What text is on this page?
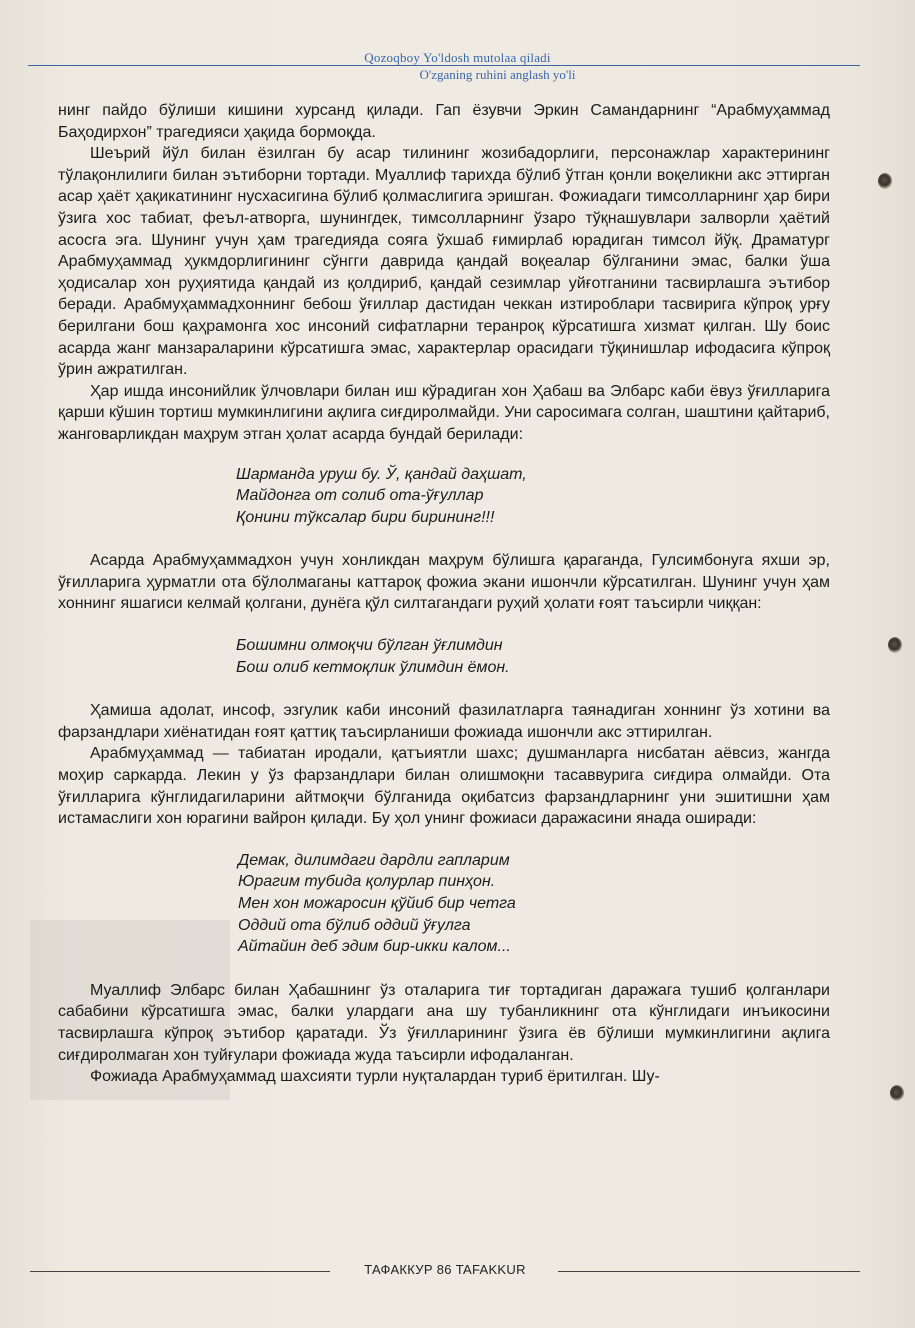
Qozoqboy Yo'ldosh mutolaa qiladi
O'zganing ruhini anglash yo'li

нинг пайдо бўлиши кишини хурсанд қилади. Гап ёзувчи Эркин Самандарнинг “Арабмуҳаммад Баҳодирхон” трагедияси ҳақида бормоқда.

Шеърий йўл билан ёзилган бу асар тилининг жозибадорлиги, персонажлар характерининг тўлақонлилиги билан эътиборни тортади. Муаллиф тарихда бўлиб ўтган қонли воқеликни акс эттирган асар ҳаёт ҳақикатининг нусхасигина бўлиб қолмаслигига эришган. Фожиадаги тимсолларнинг ҳар бири ўзига хос табиат, феъл-атворга, шунингдек, тимсолларнинг ўзаро тўқнашувлари залворли ҳаётий асосга эга. Шунинг учун ҳам трагедияда сояга ўхшаб ғимирлаб юрадиган тимсол йўқ. Драматург Арабмуҳаммад ҳукмдорлигининг сўнгги даврида қандай воқеалар бўлганини эмас, балки ўша ҳодисалар хон руҳиятида қандай из қолдириб, қандай сезимлар уйғотганини тасвирлашга эътибор беради. Арабмуҳаммадхоннинг бебош ўғиллар дастидан чеккан изтироблари тасвирига кўпроқ урғу берилгани бош қаҳрамонга хос инсоний сифатларни теранроқ кўрсатишга хизмат қилган. Шу боис асарда жанг манзараларини кўрсатишга эмас, характерлар орасидаги тўқинишлар ифодасига кўпроқ ўрин ажратилган.

Ҳар ишда инсонийлик ўлчовлари билан иш кўрадиган хон Ҳабаш ва Элбарс каби ёвуз ўғилларига қарши кўшин тортиш мумкинлигини ақлига сиғдиролмайди. Уни саросимага солган, шаштини қайтариб, жанговарликдан маҳрум этган ҳолат асарда бундай берилади:

Шарманда уруш бу. Ў, қандай даҳшат,
Майдонга от солиб ота-ўғуллар
Қонини тўксалар бири бирининг!!!

Асарда Арабмуҳаммадхон учун хонликдан маҳрум бўлишга қараганда, Гулсимбонуга яхши эр, ўғилларига ҳурматли ота бўлолмаганы каттароқ фожиа экани ишончли кўрсатилган. Шунинг учун ҳам хоннинг яшагиси келмай қолгани, дунёга қўл силтагандаги руҳий ҳолати ғоят таъсирли чиққан:

Бошимни олмоқчи бўлган ўғлимдин
Бош олиб кетмоқлик ўлимдин ёмон.

Ҳамиша адолат, инсоф, эзгулик каби инсоний фазилатларга таянадиган хоннинг ўз хотини ва фарзандлари хиёнатидан ғоят қаттиқ таъсирланиши фожиада ишончли акс эттирилган.

Арабмуҳаммад — табиатан иродали, қатъиятли шахс; душманларга нисбатан аёвсиз, жангда моҳир саркарда. Лекин у ўз фарзандлари билан олишмоқни тасаввурига сиғдира олмайди. Ота ўғилларига кўнглидагиларини айтмоқчи бўлганида оқибатсиз фарзандларнинг уни эшитишни ҳам истамаслиги хон юрагини вайрон қилади. Бу ҳол унинг фожиаси даражасини янада оширади:

Демак, дилимдаги дардли гапларим
Юрагим тубида қолурлар пинҳон.
Мен хон можаросин қўйиб бир четга
Оддий ота бўлиб оддий ўғулга
Айтайин деб эдим бир-икки калом...

Муаллиф Элбарс билан Ҳабашнинг ўз оталарига тиғ тортадиган даражага тушиб қолганлари сабабини кўрсатишга эмас, балки улардаги ана шу тубанликнинг ота кўнглидаги инъикосини тасвирлашга кўпроқ эътибор қаратади. Ўз ўғилларининг ўзига ёв бўлиши мумкинлигини ақлига сиғдиролмаган хон туйғулари фожиада жуда таъсирли ифодаланган.

Фожиада Арабмуҳаммад шахсияти турли нуқталардан туриб ёритилган. Шу-

ТАФАККУР 86 TAFAKKUR
